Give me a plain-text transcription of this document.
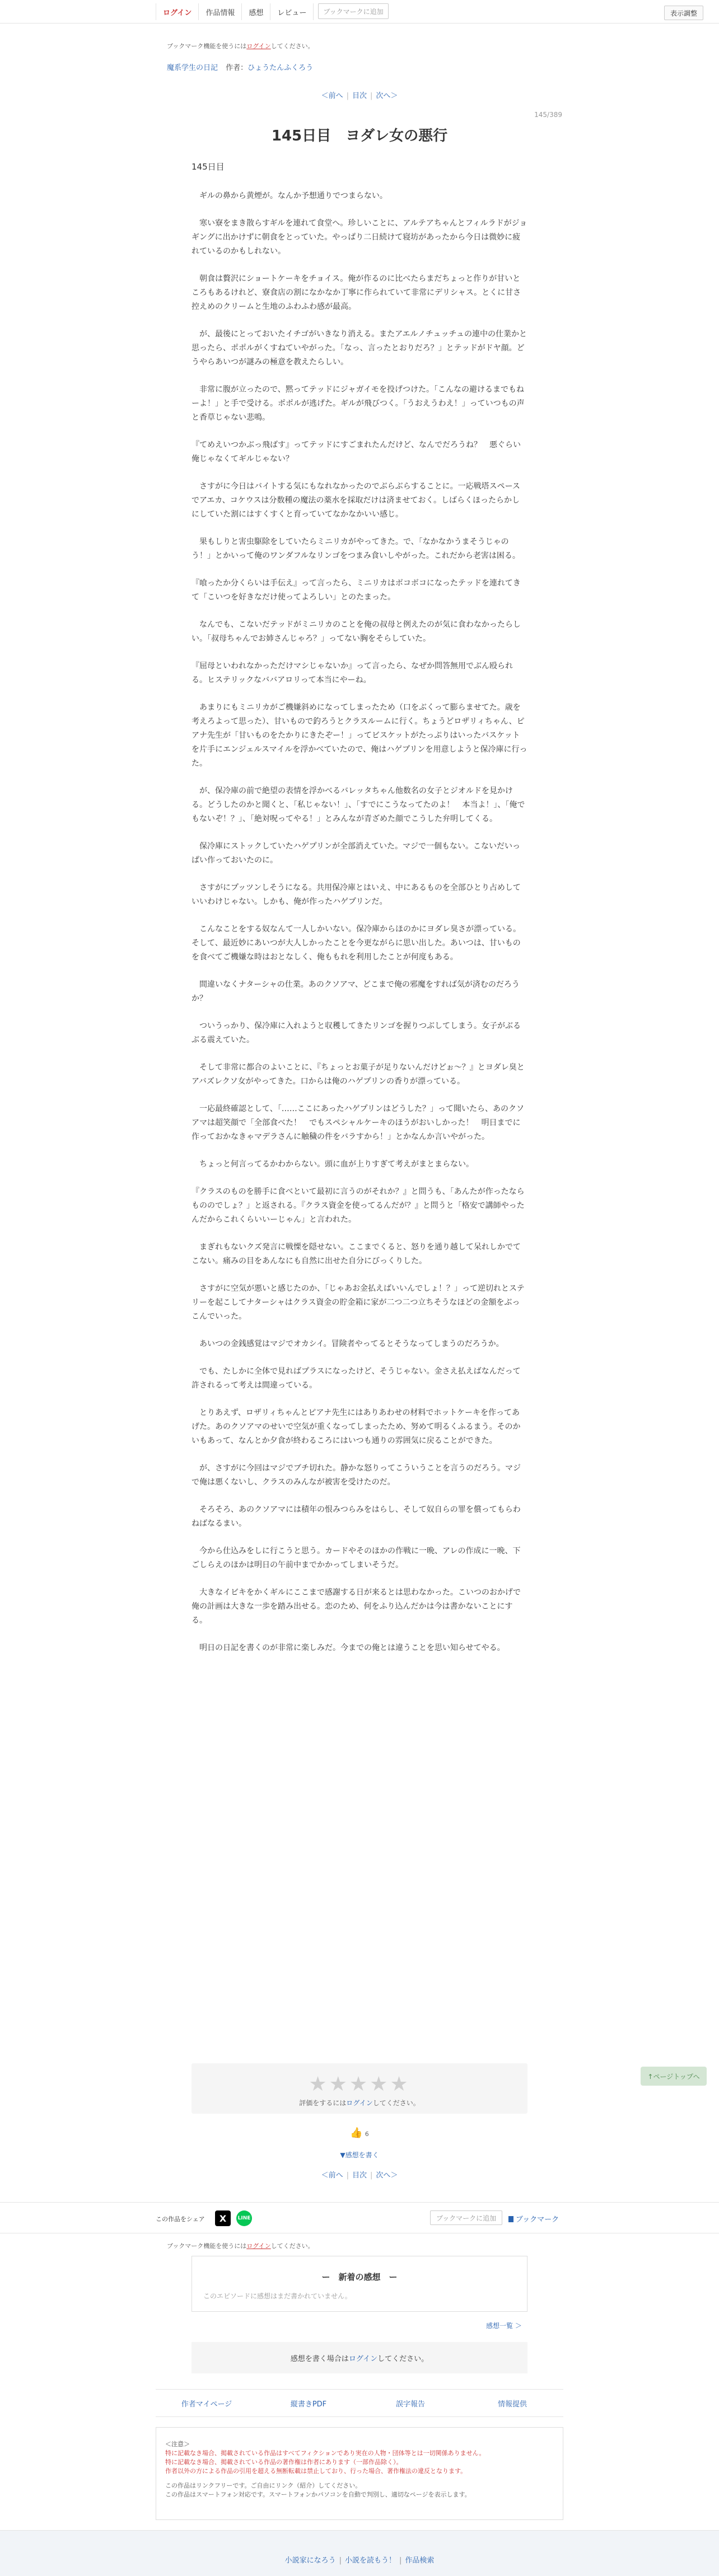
ログイン	作品情報	感想	レビュー	ブックマークに追加	表示調整
ブックマーク機能を使うにはログインしてください。
魔系学生の日記 作者：ひょうたんふくろう
＜前へ | 目次 | 次へ＞
145/389
145日目　ヨダレ女の悪行
145日目

　ギルの鼻から黄煙が。なんか予想通りでつまらない。

　寒い寮をまき散らすギルを連れて食堂へ。珍しいことに、アルテアちゃんとフィルラドがジョギングに出かけずに朝食をとっていた。やっぱり二日続けて寝坊があったから今日は微妙に疲れているのかもしれない。

　朝食は贅沢にショートケーキをチョイス。俺が作るのに比べたらまだちょっと作りが甘いところもあるけれど、寮食店の割になかなか丁寧に作られていて非常にデリシャス。とくに甘さ控えめのクリームと生地のふわふわ感が最高。

　が、最後にとっておいたイチゴがいきなり消える。またアエルノチュッチュの連中の仕業かと思ったら、ポポルがくすねていやがった。「なっ、言ったとおりだろ？」とテッドがドヤ顔。どうやらあいつが謎みの極意を教えたらしい。

　非常に腹が立ったので、黙ってテッドにジャガイモを投げつけた。「こんなの避けるまでもねーよ！」と手で受ける。ポポルが逃げた。ギルが飛びつく。「うおえうわえ！」っていつもの声と香草じゃない悲鳴。

『てめえいつかぶっ飛ばす』ってテッドにすごまれたんだけど、なんでだろうね？　悪ぐらい俺じゃなくてギルじゃない？

　さすがに今日はバイトする気にもなれなかったのでぶらぶらすることに。一応戦塔スペースでアエカ、コケウスは分数種の魔法の薬水を採取だけは済ませておく。しばらくほったらかしにしていた割にはすくすくと育っていてなかなかいい感じ。

　果もしりと害虫駆除をしていたらミニリカがやってきた。で、「なかなかうまそうじゃのう！」とかいって俺のワンダフルなリンゴをつまみ食いしやがった。これだから老害は困る。

『喰ったか分くらいは手伝え』って言ったら、ミニリカはボコボコになったテッドを連れてきて「こいつを好きなだけ使ってよろしい」とのたまった。

　なんでも、こないだテッドがミニリカのことを俺の叔母と例えたのが気に食わなかったらしい。「叔母ちゃんでお姉さんじゃろ？」ってない胸をそらしていた。

『屈母といわれなかっただけマシじゃないか』って言ったら、なぜか問答無用でぶん殴られる。ヒステリックなババアロリって本当にやーね。

　あまりにもミニリカがご機嫌斜めになってしまったため（口をぶくって膨らませてた。歳を考えろよって思った）、甘いもので釣ろうとクラスルームに行く。ちょうどロザリィちゃん、ピアナ先生が「甘いものをたかりにきたぞー！」ってビスケットがたっぷりはいったバスケットを片手にエンジェルスマイルを浮かべていたので、俺はハゲプリンを用意しようと保冷庫に行った。

　が、保冷庫の前で絶望の表情を浮かべるバレッタちゃん他数名の女子とジオルドを見かける。どうしたのかと聞くと、「私じゃない！」、「すでにこうなってたのよ！　本当よ！」、「俺でもないぞ！？」、「絶対呪ってやる！」とみんなが青ざめた顔でこうした弁明してくる。

　保冷庫にストックしていたハゲプリンが全部消えていた。マジで一個もない。こないだいっぱい作っておいたのに。

　さすがにプッツンしそうになる。共用保冷庫とはいえ、中にあるものを全部ひとり占めしていいわけじゃない。しかも、俺が作ったハゲプリンだ。

　こんなことをする奴なんて一人しかいない。保冷庫からほのかにヨダレ臭さが漂っている。そして、最近妙にあいつが大人しかったことを今更ながらに思い出した。あいつは、甘いものを食べてご機嫌な時はおとなしく、俺ももれを利用したことが何度もある。

　間違いなくナターシャの仕業。あのクソアマ、どこまで俺の邪魔をすれば気が済むのだろうか？

　ついうっかり、保冷庫に入れようと収穫してきたリンゴを握りつぶしてしまう。女子がぶるぶる震えていた。

　そして非常に都合のよいことに、『ちょっとお菓子が足りないんだけどぉ〜？』とヨダレ臭とアバズレクソ女がやってきた。口からは俺のハゲプリンの香りが漂っている。

　一応最終確認として、「……ここにあったハゲプリンはどうした？」って聞いたら、あのクソアマは超笑顔で「全部食べた！　でもスペシャルケーキのほうがおいしかった！　明日までに作っておかなきゃマデラさんに触穢の件をバラすから！」とかなんか言いやがった。

　ちょっと何言ってるかわからない。頭に血が上りすぎて考えがまとまらない。

『クラスのものを勝手に食べといて最初に言うのがそれか？』と問うも、「あんたが作ったならもののでしょ？」と返される。『クラス資金を使ってるんだが？』と問うと「格安で講師やったんだからこれくらいいーじゃん」と言われた。

　まぎれもないクズ発言に戦慄を隠せない。ここまでくると、怒りを通り越して呆れしかでてこない。痛みの目をあんなにも自然に出せた自分にびっくりした。

　さすがに空気が悪いと感じたのか、「じゃあお金払えばいいんでしょ！？」って逆切れとステリーを起こしてナターシャはクラス資金の貯金箱に家が二つ二つ立ちそうなほどの金額をぶっこんでいった。

　あいつの金銭感覚はマジでオカシイ。冒険者やってるとそうなってしまうのだろうか。

　でも、たしかに全体で見ればプラスになったけど、そうじゃない。金さえ払えばなんだって許されるって考えは間違っている。

　とりあえず、ロザリィちゃんとピアナ先生にはありあわせの材料でホットケーキを作ってあげた。あのクソアマのせいで空気が重くなってしまったため、努めて明るくふるまう。そのかいもあって、なんとか夕食が終わるころにはいつも通りの雰囲気に戻ることができた。

　が、さすがに今回はマジでブチ切れた。静かな怒りってこういうことを言うのだろう。マジで俺は悪くないし、クラスのみんなが被害を受けたのだ。

　そろそろ、あのクソアマには積年の恨みつらみをはらし、そして奴自らの罪を償ってもらわねばなるまい。

　今から仕込みをしに行こうと思う。カードやそのほかの作戦に一晩、アレの作成に一晩、下ごしらえのほかは明日の午前中までかかってしまいそうだ。

　大きなイビキをかくギルにここまで感謝する日が来るとは思わなかった。こいつのおかげで俺の計画は大きな一歩を踏み出せる。恋のため、何をふり込んだかは今は書かないことにする。

　明日の日記を書くのが非常に楽しみだ。今までの俺とは違うことを思い知らせてやる。

★★★★★
評価をするにはログインしてください。
👍 6
▼感想を書く
＜前へ | 目次 | 次へ＞
↑ページトップへ
この作品をシェア	X	LINE	ブックマークに追加	ブックマーク
ブックマーク機能を使うにはログインしてください。
ー　新着の感想　ー
このエピソードに感想はまだ書かれていません。
感想一覧 ＞
感想を書く場合は ログイン してください。
作者マイページ	縦書きPDF	誤字報告	情報提供
＜注意＞
特に記載なき場合、掲載されている作品はすべてフィクションであり実在の人物・団体等とは一切関係ありません。
特に記載なき場合、掲載されている作品の著作権は作者にあります（一部作品除く）。
作者以外の方による作品の引用を超える無断転載は禁止しており、行った場合、著作権法の違反となります。
この作品はリンクフリーです。ご自由にリンク（紹介）してください。
この作品はスマートフォン対応です。スマートフォンかパソコンを自動で判別し、適切なページを表示します。
小説家になろう | 小説を読もう！ | 作品検索
